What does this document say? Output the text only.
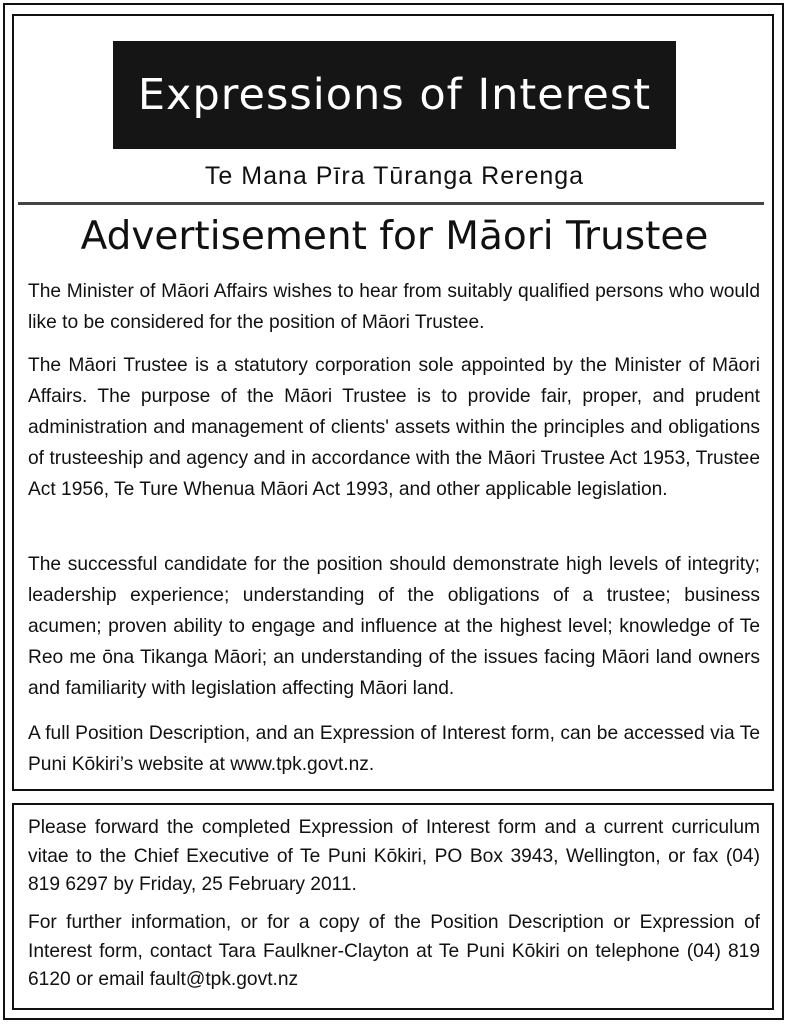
Expressions of Interest
Te Mana Pīra Tūranga Rerenga
Advertisement for Māori Trustee

The Minister of Māori Affairs wishes to hear from suitably qualified persons who would like to be considered for the position of Māori Trustee.

The Māori Trustee is a statutory corporation sole appointed by the Minister of Māori Affairs. The purpose of the Māori Trustee is to provide fair, proper, and prudent administration and management of clients' assets within the principles and obligations of trusteeship and agency and in accordance with the Māori Trustee Act 1953, Trustee Act 1956, Te Ture Whenua Māori Act 1993, and other applicable legislation.

The successful candidate for the position should demonstrate high levels of integrity; leadership experience; understanding of the obligations of a trustee; business acumen; proven ability to engage and influence at the highest level; knowledge of Te Reo me ōna Tikanga Māori; an understanding of the issues facing Māori land owners and familiarity with legislation affecting Māori land.

A full Position Description, and an Expression of Interest form, can be accessed via Te Puni Kōkiri’s website at www.tpk.govt.nz.

Please forward the completed Expression of Interest form and a current curriculum vitae to the Chief Executive of Te Puni Kōkiri, PO Box 3943, Wellington, or fax (04) 819 6297 by Friday, 25 February 2011.

For further information, or for a copy of the Position Description or Expression of Interest form, contact Tara Faulkner-Clayton at Te Puni Kōkiri on telephone (04) 819 6120 or email fault@tpk.govt.nz
